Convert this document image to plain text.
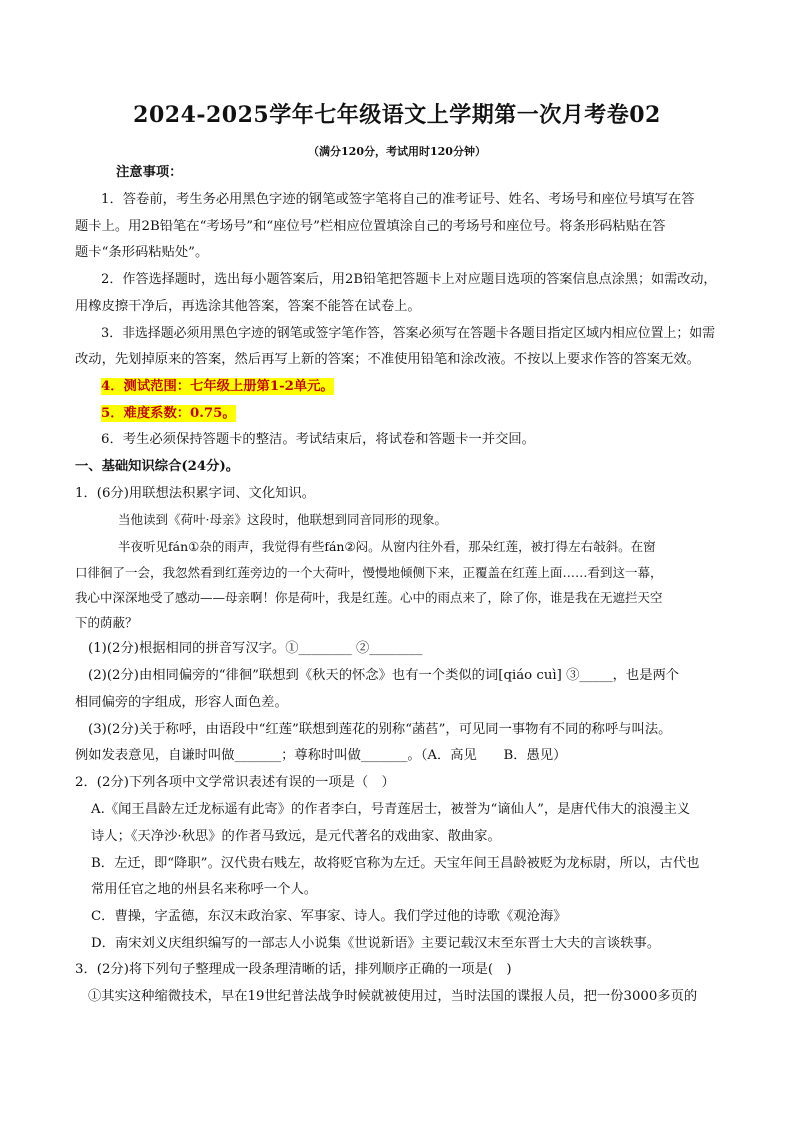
2024-2025学年七年级语文上学期第一次月考卷02
（满分120分，考试用时120分钟）
注意事项：
1．答卷前，考生务必用黑色字迹的钢笔或签字笔将自己的准考证号、姓名、考场号和座位号填写在答
题卡上。用2B铅笔在“考场号”和“座位号”栏相应位置填涂自己的考场号和座位号。将条形码粘贴在答
题卡“条形码粘贴处”。
2．作答选择题时，选出每小题答案后，用2B铅笔把答题卡上对应题目选项的答案信息点涂黑；如需改动，
用橡皮擦干净后，再选涂其他答案，答案不能答在试卷上。
3．非选择题必须用黑色字迹的钢笔或签字笔作答，答案必须写在答题卡各题目指定区域内相应位置上；如需
改动，先划掉原来的答案，然后再写上新的答案；不准使用铅笔和涂改液。不按以上要求作答的答案无效。
4．测试范围：七年级上册第1-2单元。
5．难度系数：0.75。
6．考生必须保持答题卡的整洁。考试结束后，将试卷和答题卡一并交回。
一、基础知识综合(24分)。
1．(6分)用联想法积累字词、文化知识。
当他读到《荷叶·母亲》这段时，他联想到同音同形的现象。
半夜听见fán①杂的雨声，我觉得有些fán②闷。从窗内往外看，那朵红莲，被打得左右敧斜。在窗
口徘徊了一会，我忽然看到红莲旁边的一个大荷叶，慢慢地倾侧下来，正覆盖在红莲上面……看到这一幕，
我心中深深地受了感动——母亲啊！你是荷叶，我是红莲。心中的雨点来了，除了你，谁是我在无遮拦天空
下的荫蔽？
(1)(2分)根据相同的拼音写汉字。①________ ②________
(2)(2分)由相同偏旁的“徘徊”联想到《秋天的怀念》也有一个类似的词[qiáo cuì] ③_____，也是两个
相同偏旁的字组成，形容人面色差。
(3)(2分)关于称呼，由语段中“红莲”联想到莲花的别称“菡萏”，可见同一事物有不同的称呼与叫法。
例如发表意见，自谦时叫做_______；尊称时叫做_______。（A．高见　　B．愚见）
2．(2分)下列各项中文学常识表述有误的一项是（　）
A.《闻王昌龄左迁龙标遥有此寄》的作者李白，号青莲居士，被誉为“谪仙人”，是唐代伟大的浪漫主义
诗人；《天净沙·秋思》的作者马致远，是元代著名的戏曲家、散曲家。
B．左迁，即“降职”。汉代贵右贱左，故将贬官称为左迁。天宝年间王昌龄被贬为龙标尉，所以，古代也
常用任官之地的州县名来称呼一个人。
C．曹操，字孟德，东汉末政治家、军事家、诗人。我们学过他的诗歌《观沧海》
D．南宋刘义庆组织编写的一部志人小说集《世说新语》主要记载汉末至东晋士大夫的言谈轶事。
3．(2分)将下列句子整理成一段条理清晰的话，排列顺序正确的一项是(　)
①其实这种缩微技术，早在19世纪普法战争时候就被使用过，当时法国的谍报人员，把一份3000多页的
